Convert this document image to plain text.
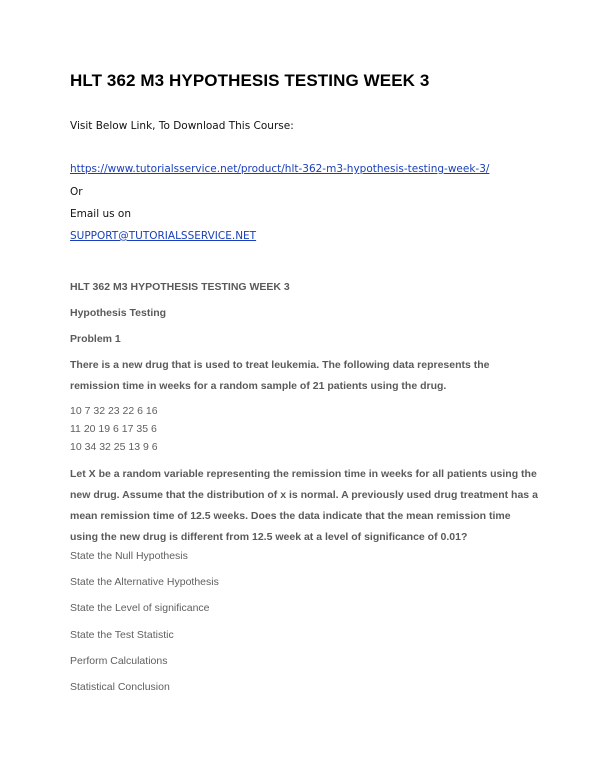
HLT 362 M3 HYPOTHESIS TESTING WEEK 3
Visit Below Link, To Download This Course:
https://www.tutorialsservice.net/product/hlt-362-m3-hypothesis-testing-week-3/
Or
Email us on
SUPPORT@TUTORIALSSERVICE.NET
HLT 362 M3 HYPOTHESIS TESTING WEEK 3
Hypothesis Testing
Problem 1
There is a new drug that is used to treat leukemia. The following data represents the remission time in weeks for a random sample of 21 patients using the drug.
10 7 32 23 22 6 16
11 20 19 6 17 35 6
10 34 32 25 13 9 6
Let X be a random variable representing the remission time in weeks for all patients using the new drug. Assume that the distribution of x is normal. A previously used drug treatment has a mean remission time of 12.5 weeks. Does the data indicate that the mean remission time using the new drug is different from 12.5 week at a level of significance of 0.01?
State the Null Hypothesis
State the Alternative Hypothesis
State the Level of significance
State the Test Statistic
Perform Calculations
Statistical Conclusion
